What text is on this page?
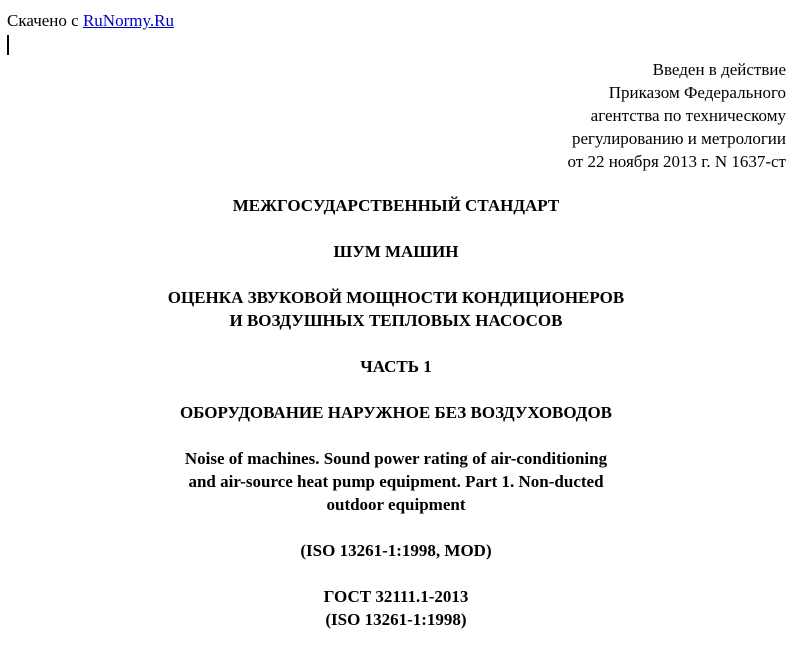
Скачено с RuNormy.Ru
Введен в действие
Приказом Федерального
агентства по техническому
регулированию и метрологии
от 22 ноября 2013 г. N 1637-ст
МЕЖГОСУДАРСТВЕННЫЙ СТАНДАРТ
ШУМ МАШИН
ОЦЕНКА ЗВУКОВОЙ МОЩНОСТИ КОНДИЦИОНЕРОВ
И ВОЗДУШНЫХ ТЕПЛОВЫХ НАСОСОВ
ЧАСТЬ 1
ОБОРУДОВАНИЕ НАРУЖНОЕ БЕЗ ВОЗДУХОВОДОВ
Noise of machines. Sound power rating of air-conditioning
and air-source heat pump equipment. Part 1. Non-ducted
outdoor equipment
(ISO 13261-1:1998, MOD)
ГОСТ 32111.1-2013
(ISO 13261-1:1998)
